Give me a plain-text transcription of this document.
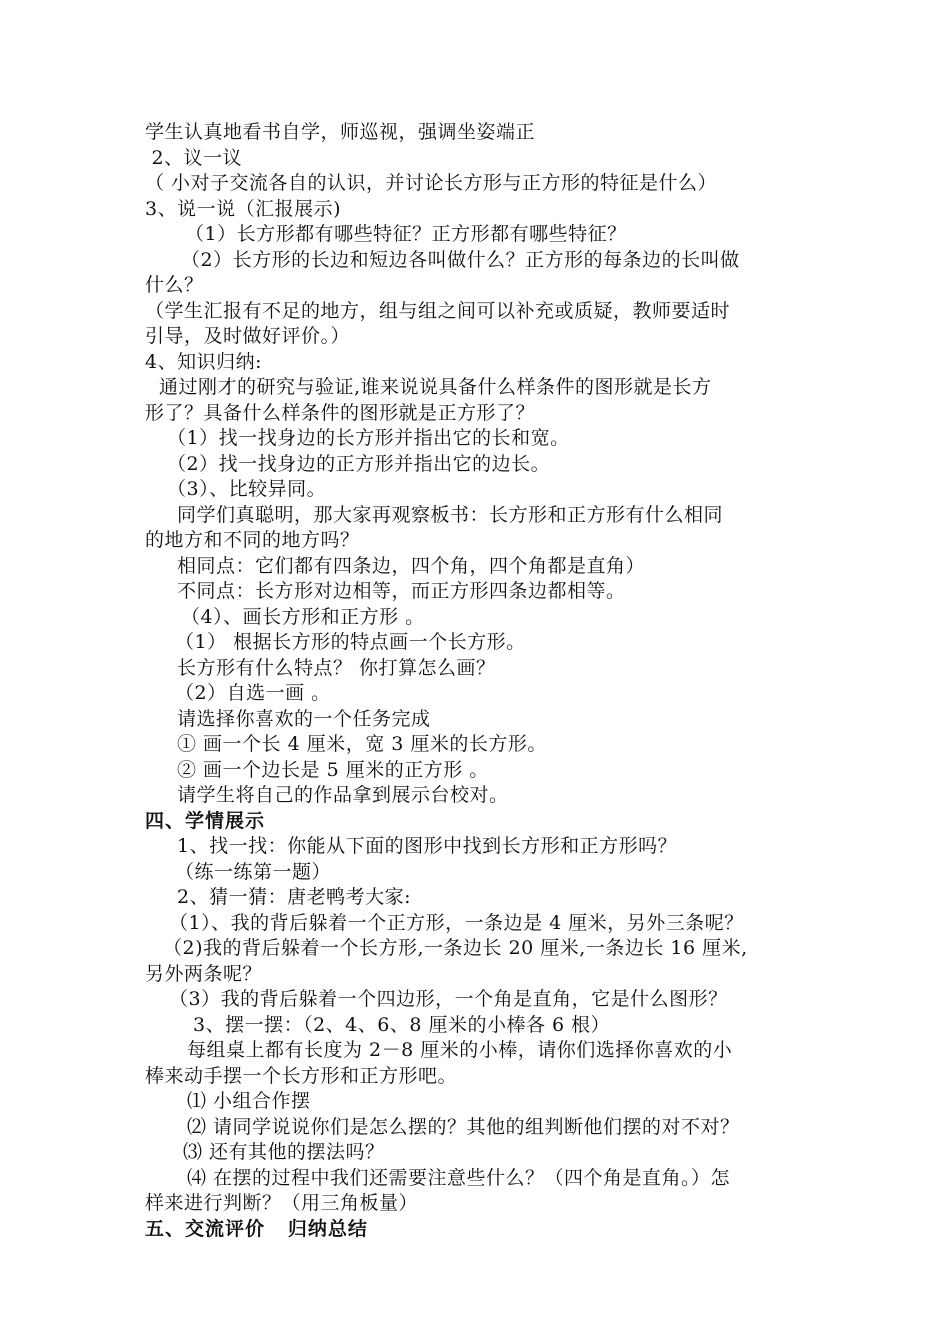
学生认真地看书自学，师巡视，强调坐姿端正
2、议一议
（ 小对子交流各自的认识，并讨论长方形与正方形的特征是什么）
3、说一说（汇报展示)
（1）长方形都有哪些特征？正方形都有哪些特征？
（2）长方形的长边和短边各叫做什么？正方形的每条边的长叫做
什么？
（学生汇报有不足的地方，组与组之间可以补充或质疑，教师要适时
引导，及时做好评价。）
4、知识归纳:
通过刚才的研究与验证,谁来说说具备什么样条件的图形就是长方
形了？具备什么样条件的图形就是正方形了？
（1）找一找身边的长方形并指出它的长和宽。
（2）找一找身边的正方形并指出它的边长。
（3）、比较异同。
同学们真聪明，那大家再观察板书：长方形和正方形有什么相同
的地方和不同的地方吗？
相同点：它们都有四条边，四个角，四个角都是直角）
不同点：长方形对边相等，而正方形四条边都相等。
（4）、画长方形和正方形 。
（1） 根据长方形的特点画一个长方形。
长方形有什么特点？ 你打算怎么画？
（2）自选一画 。
请选择你喜欢的一个任务完成
① 画一个长 4 厘米，宽 3 厘米的长方形。
② 画一个边长是 5 厘米的正方形 。
请学生将自己的作品拿到展示台校对。
四、学情展示
1、找一找：你能从下面的图形中找到长方形和正方形吗？
（练一练第一题）
2、猜一猜：唐老鸭考大家:
（1）、我的背后躲着一个正方形，一条边是 4 厘米，另外三条呢？
（2)我的背后躲着一个长方形,一条边长 20 厘米,一条边长 16 厘米,
另外两条呢？
（3）我的背后躲着一个四边形，一个角是直角，它是什么图形？
3、摆一摆：（2、4、6、8 厘米的小棒各 6 根）
每组桌上都有长度为 2－8 厘米的小棒，请你们选择你喜欢的小
棒来动手摆一个长方形和正方形吧。
⑴ 小组合作摆
⑵ 请同学说说你们是怎么摆的？其他的组判断他们摆的对不对？
⑶ 还有其他的摆法吗？
⑷ 在摆的过程中我们还需要注意些什么？（四个角是直角。）怎
样来进行判断？（用三角板量）
五、交流评价   归纳总结
